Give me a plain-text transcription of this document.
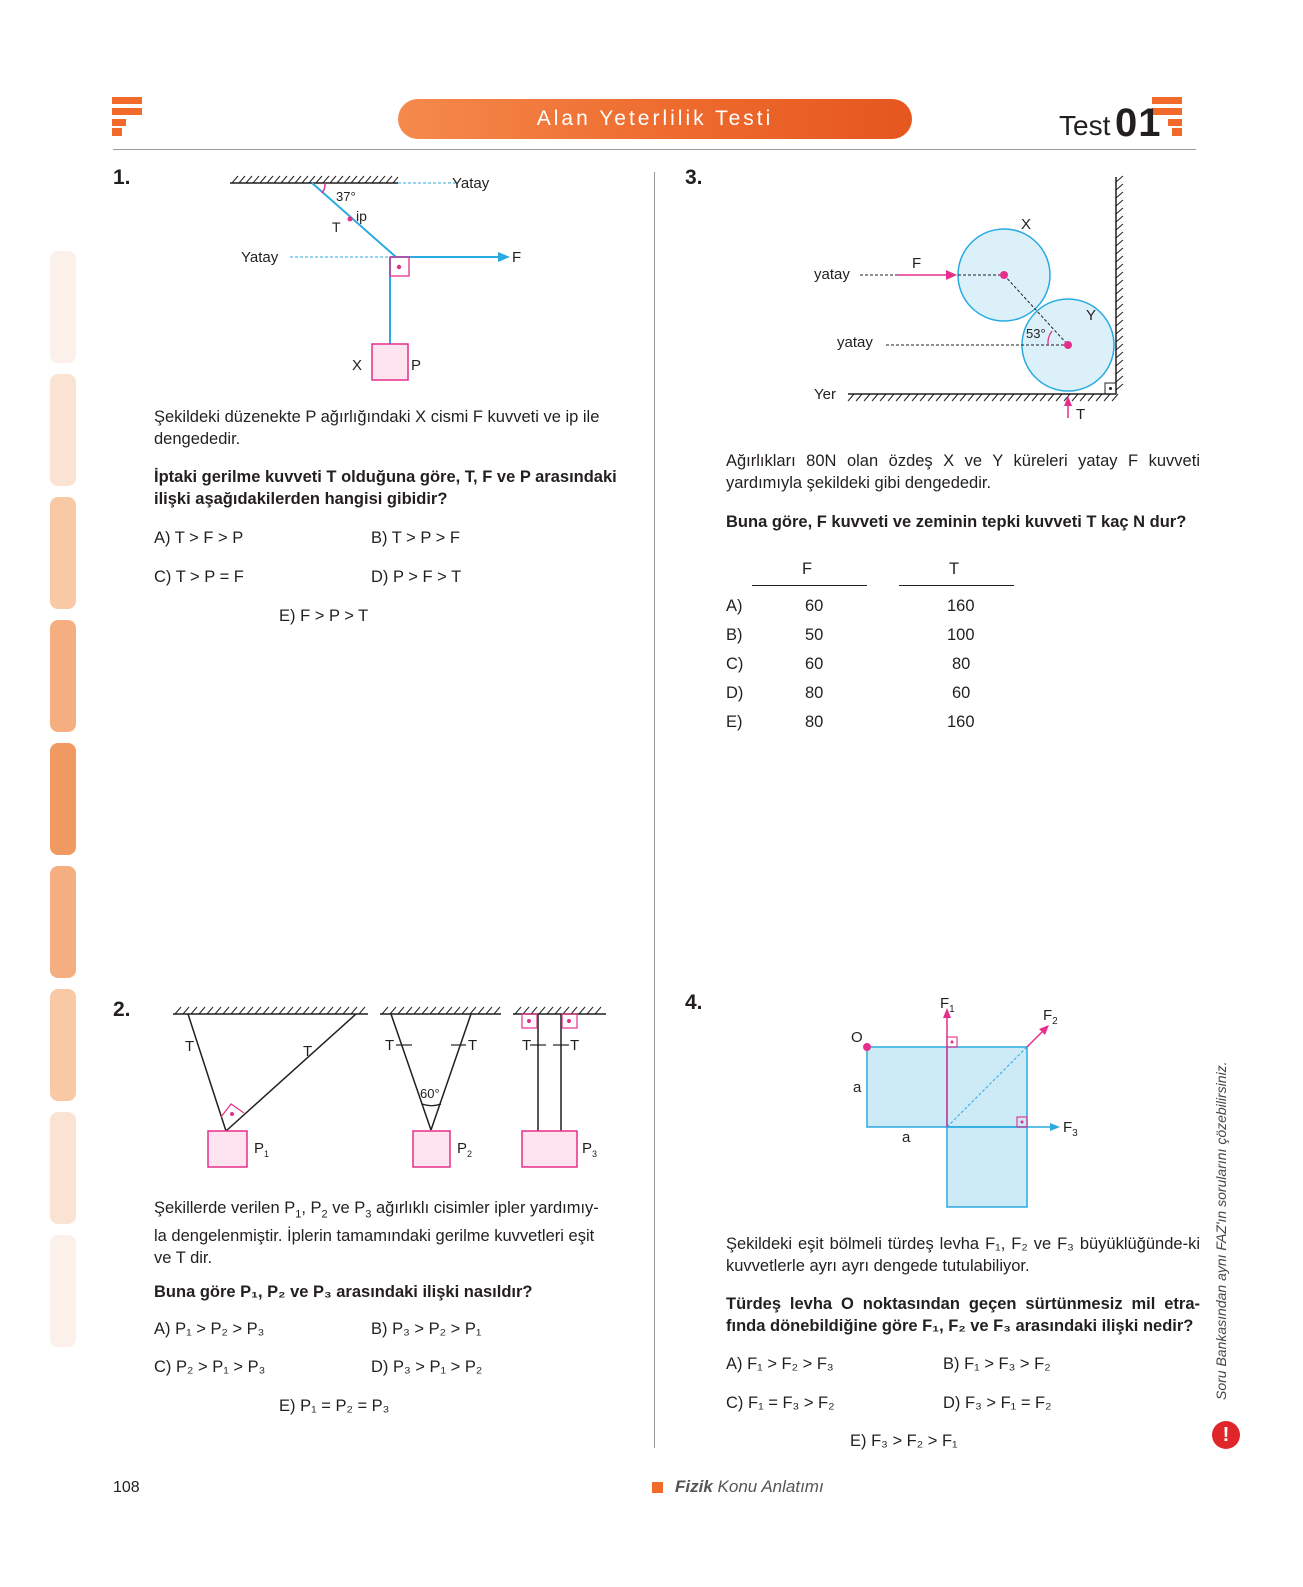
Alan Yeterlilik Testi	Test 01
1.	Yatay
37°
ip
T
Yatay	F
X	P
Şekildeki düzenekte P ağırlığındaki X cismi F kuvveti ve ip ile dengededir.
İptaki gerilme kuvveti T olduğuna göre, T, F ve P arasındaki ilişki aşağıdakilerden hangisi gibidir?
A) T > F > P	B) T > P > F
C) T > P = F	D) P > F > T
E) F > P > T
2.
T	T	T	T
60°
T	T
$P_1$	$P_2$	$P_3$
Şekillerde verilen $P_1$, $P_2$ ve $P_3$ ağırlıklı cisimler ipler yardımıy-
la dengelenmiştir. İplerin tamamındaki gerilme kuvvetleri eşit
ve T dir.
Buna göre P₁, P₂ ve P₃ arasındaki ilişki nasıldır?
A) P₁ > P₂ > P₃	B) P₃ > P₂ > P₁
C) P₂ > P₁ > P₃	D) P₃ > P₁ > P₂
E) P₁ = P₂ = P₃
3.
X
Y
F
yatay
yatay
53°
Yer
T
Ağırlıkları 80N olan özdeş X ve Y küreleri yatay F kuvveti yardımıyla şekildeki gibi dengededir.
Buna göre, F kuvveti ve zeminin tepki kuvveti T kaç N dur?
F	T
A)	60	160
B)	50	100
C)	60	80
D)	80	60
E)	80	160
4.	$F_1$	$F_2$
$F_3$
O
a
a
Şekildeki eşit bölmeli türdeş levha F₁, F₂ ve F₃ büyüklüğünde-ki kuvvetlerle ayrı ayrı dengede tutulabiliyor.
Türdeş levha O noktasından geçen sürtünmesiz mil etra-fında dönebildiğine göre F₁, F₂ ve F₃ arasındaki ilişki nedir?
A) F₁ > F₂ > F₃	B) F₁ > F₃ > F₂
C) F₁ = F₃ > F₂	D) F₃ > F₁ = F₂
E) F₃ > F₂ > F₁
Soru Bankasından aynı FAZ'ın sorularını çözebilirsiniz.
!
108	Fizik Konu Anlatımı
